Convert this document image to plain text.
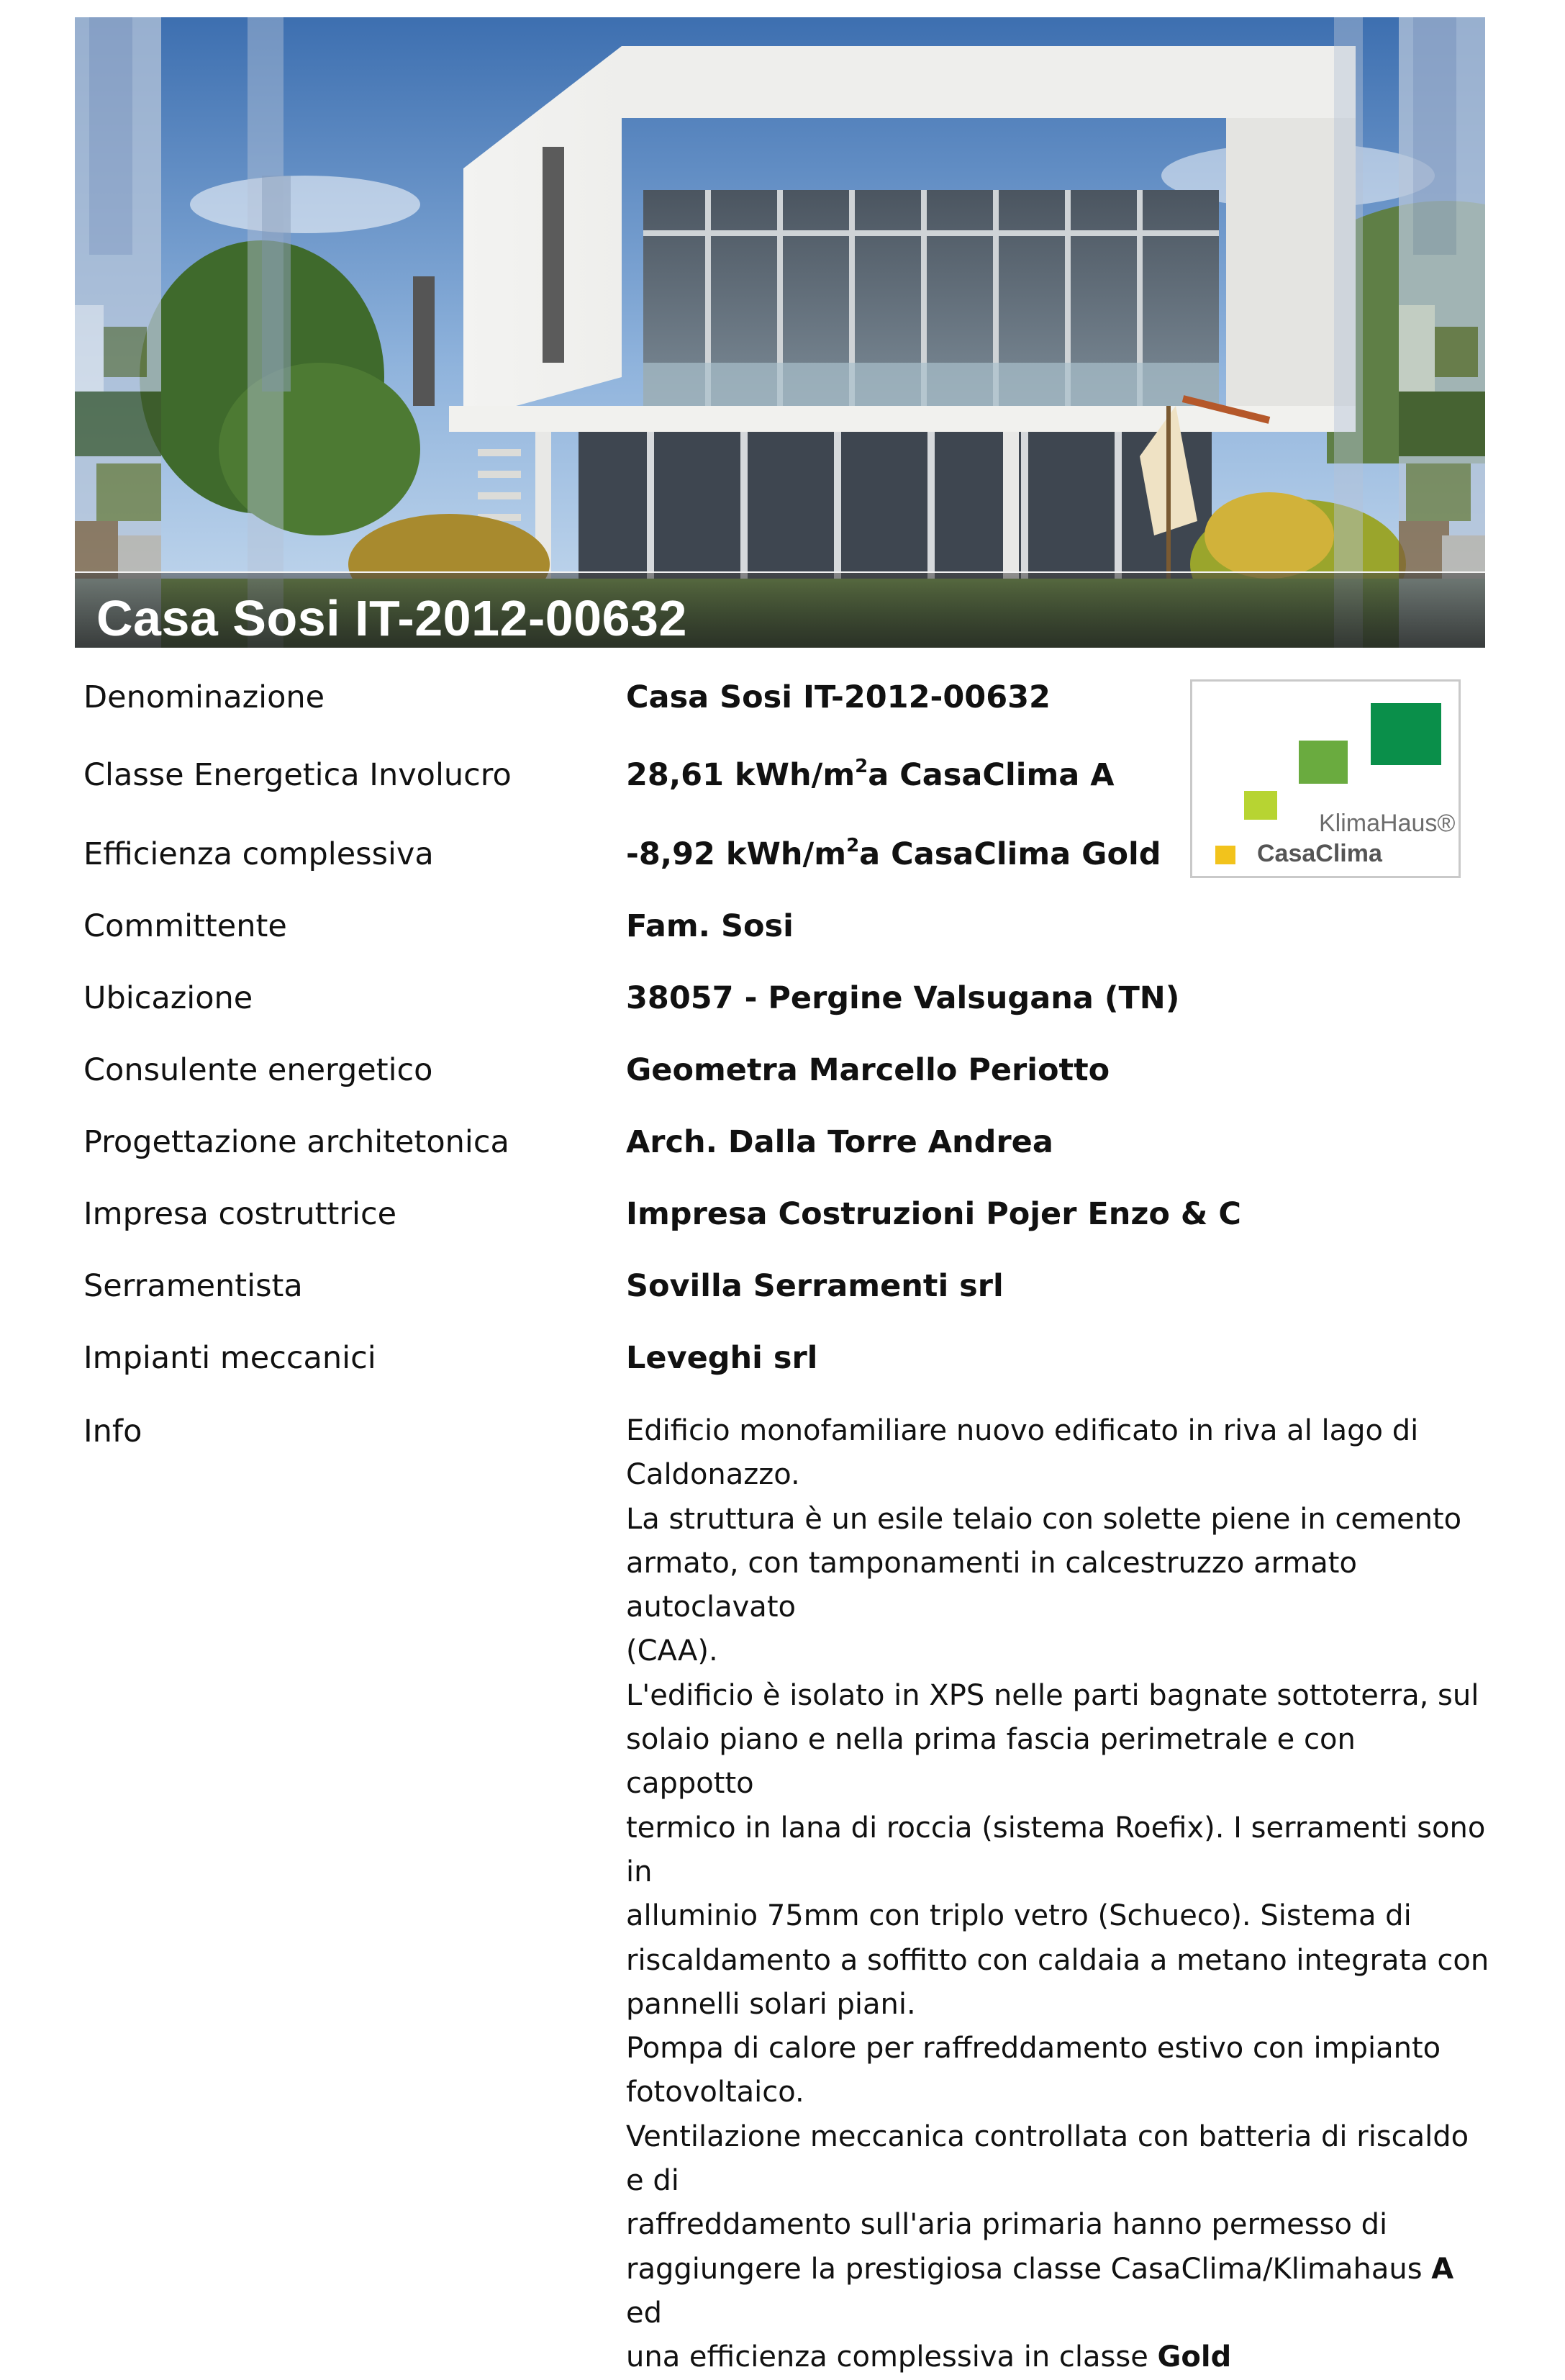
Casa Sosi IT-2012-00632
KlimaHaus®
CasaClima
Denominazione	Casa Sosi IT-2012-00632
Classe Energetica Involucro	28,61 kWh/$m^2a$ CasaClima A
Efficienza complessiva	-8,92 kWh/$m^2a$ CasaClima Gold
Committente	Fam. Sosi
Ubicazione	38057 - Pergine Valsugana (TN)
Consulente energetico	Geometra Marcello Periotto
Progettazione architetonica	Arch. Dalla Torre Andrea
Impresa costruttrice	Impresa Costruzioni Pojer Enzo & C
Serramentista	Sovilla Serramenti srl
Impianti meccanici	Leveghi srl
Info	Edificio monofamiliare nuovo edificato in riva al lago di

Caldonazzo.

La struttura è un esile telaio con solette piene in cemento

armato, con tamponamenti in calcestruzzo armato autoclavato

(CAA).

L'edificio è isolato in XPS nelle parti bagnate sottoterra, sul

solaio piano e nella prima fascia perimetrale e con cappotto

termico in lana di roccia (sistema Roefix). I serramenti sono in

alluminio 75mm con triplo vetro (Schueco). Sistema di

riscaldamento a soffitto con caldaia a metano integrata con

pannelli solari piani.

Pompa di calore per raffreddamento estivo con impianto

fotovoltaico.

Ventilazione meccanica controllata con batteria di riscaldo e di

raffreddamento sull'aria primaria hanno permesso di

raggiungere la prestigiosa classe CasaClima/Klimahaus A ed

una efficienza complessiva in classe Gold
